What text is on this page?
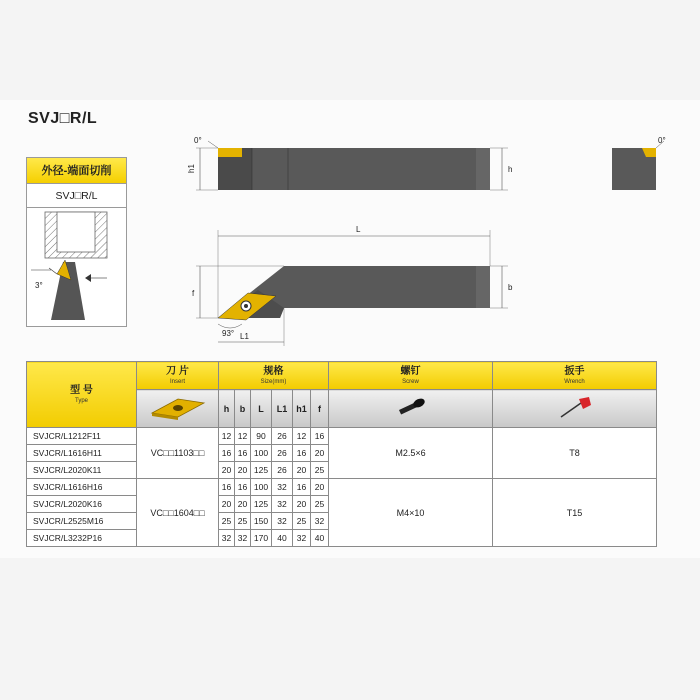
SVJ□R/L
外径-端面切削
SVJ□R/L
3°
0°
h1	h
0°
L
f
b
93° L1
型 号
Type	刀 片
Insert	规格
Size(mm)						螺钉
Screw	扳手
Wrench

	h	b	L	L1	h1	f		
SVJCR/L1212F11	VC□□1103□□	12	12	90	26	12	16	M2.5×6	T8
SVJCR/L1616H11		16	16	100	26	16	20		
SVJCR/L2020K11		20	20	125	26	20	25		
SVJCR/L1616H16	VC□□1604□□	16	16	100	32	16	20	M4×10	T15
SVJCR/L2020K16		20	20	125	32	20	25		
SVJCR/L2525M16		25	25	150	32	25	32		
SVJCR/L3232P16		32	32	170	40	32	40		
